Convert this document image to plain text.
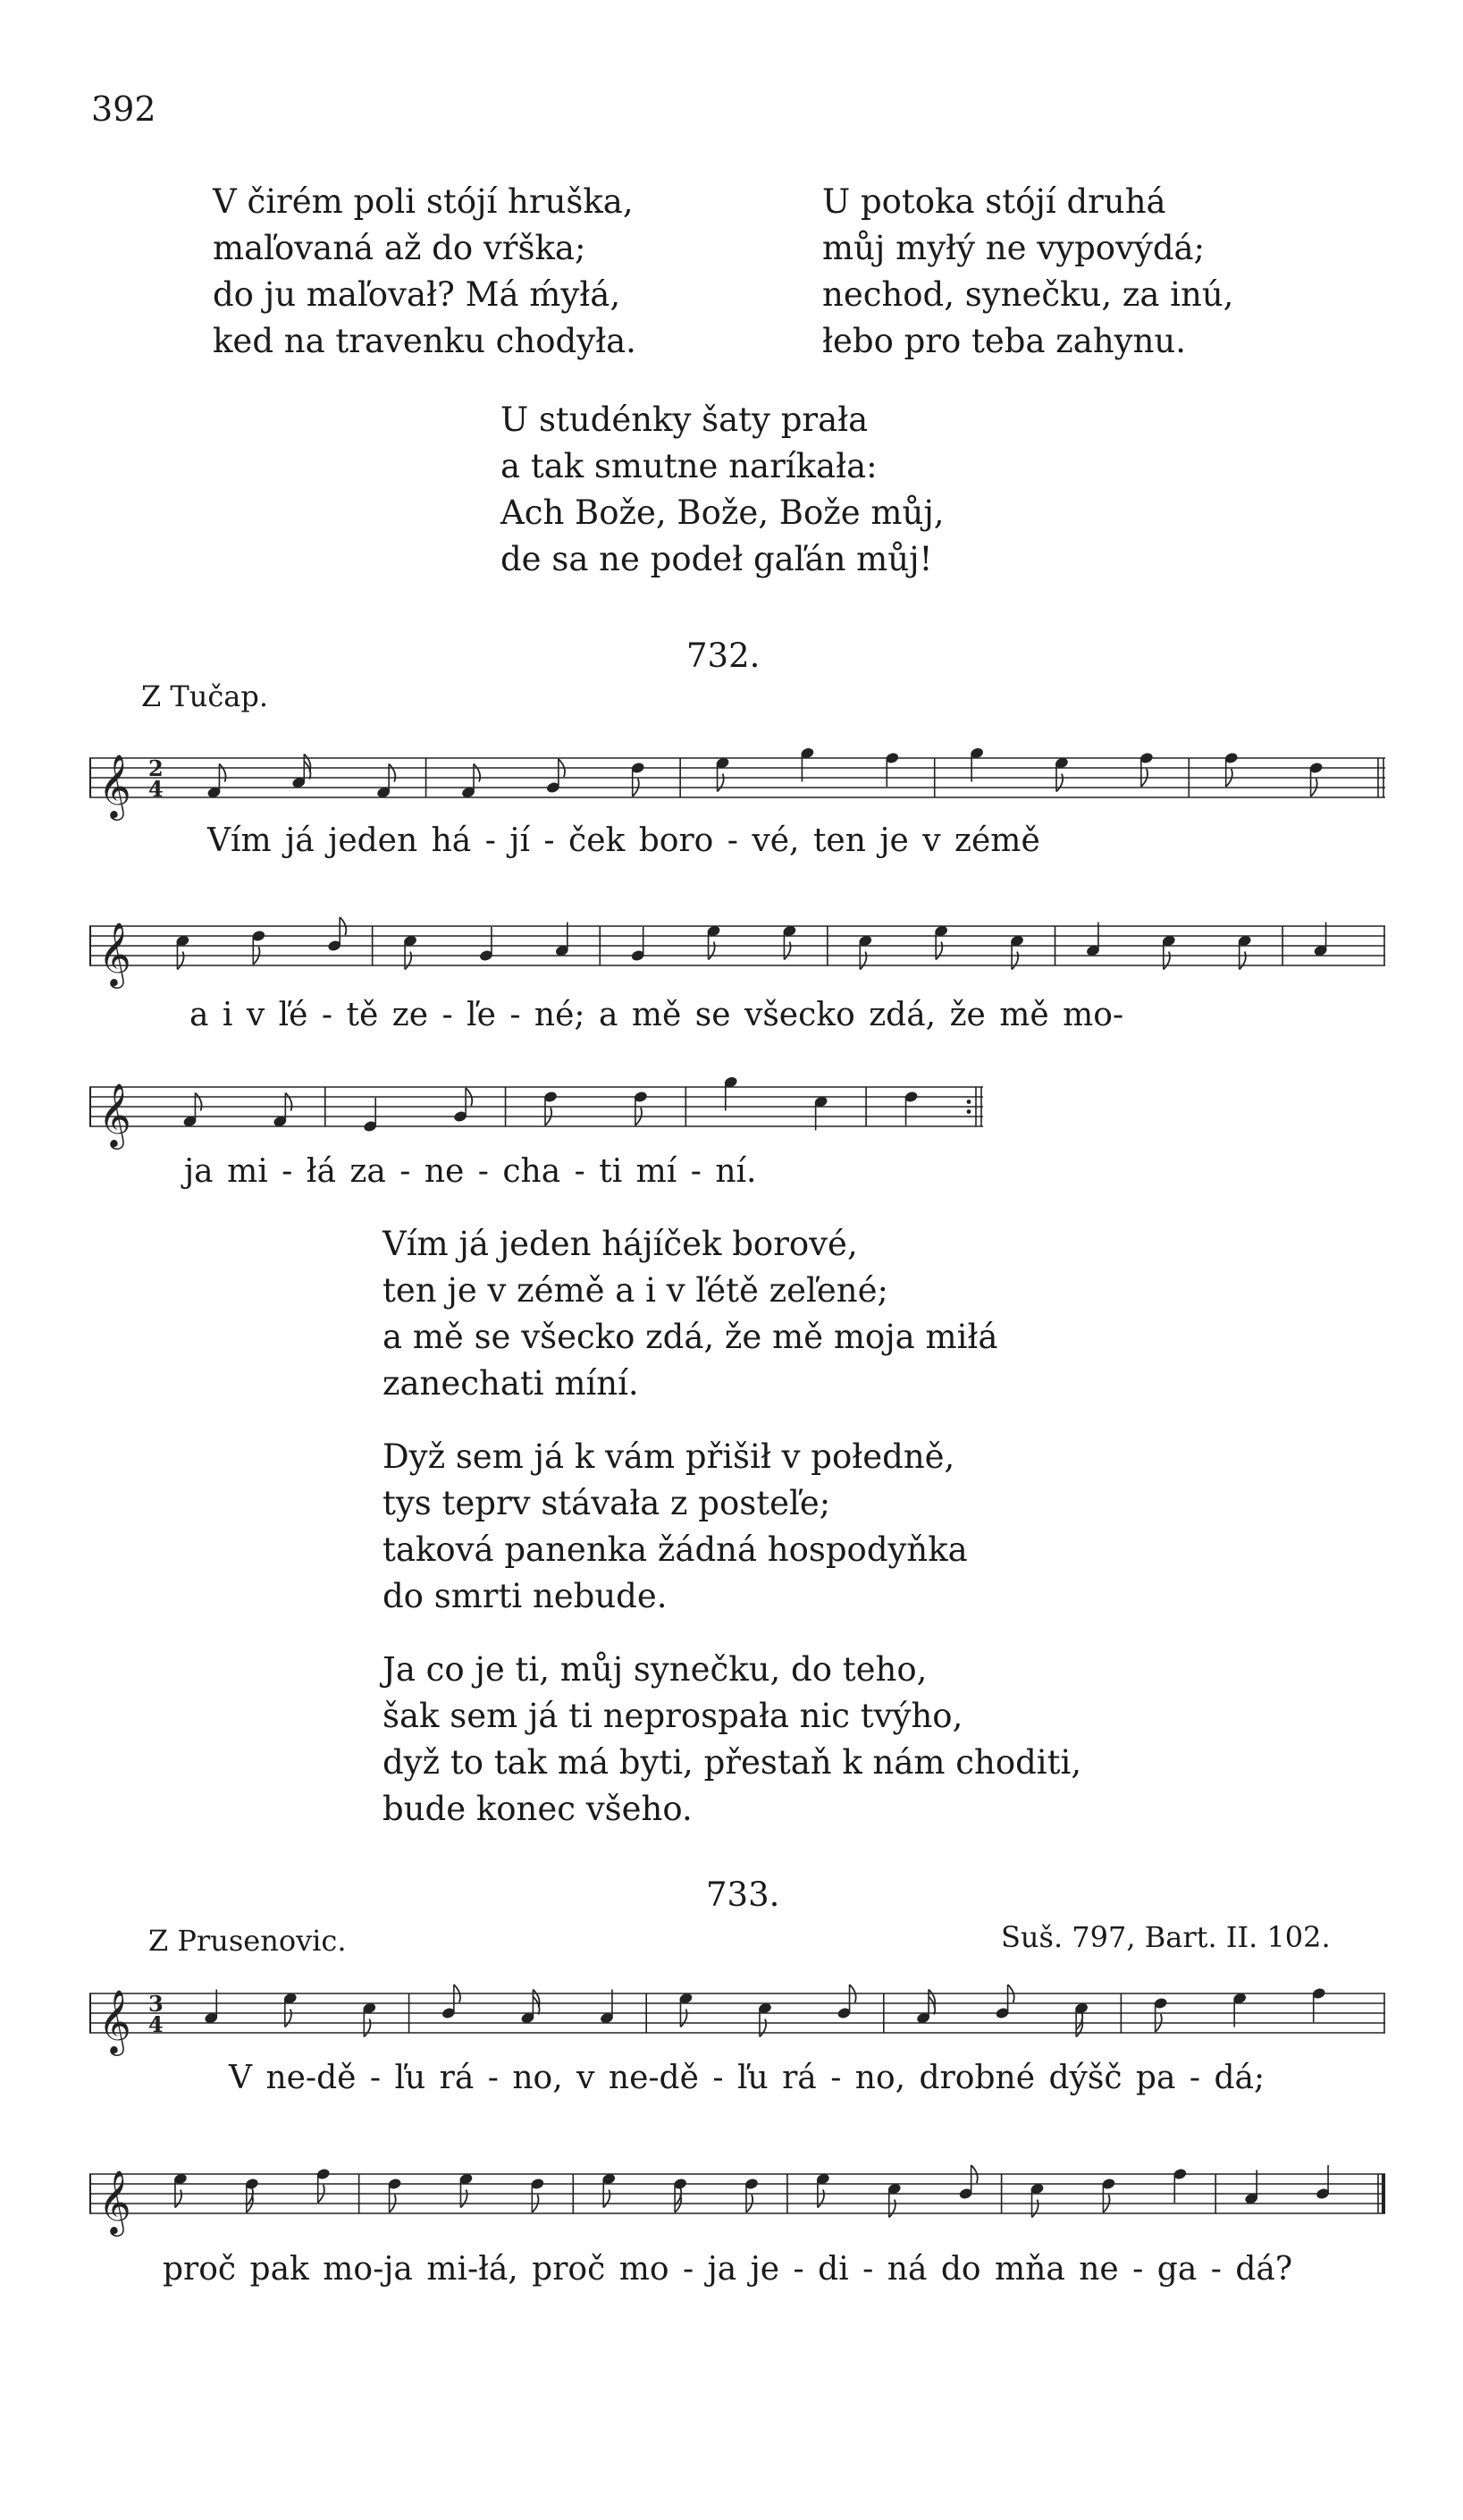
392
V čirém poli stójí hruška,
maľovaná až do vŕška;
do ju maľovał? Má ḿyłá,
ked na travenku chodyła.
U potoka stójí druhá
můj myłý ne vypovýdá;
nechod, synečku, za inú,
łebo pro teba zahynu.
U studénky šaty prała
a tak smutne naríkała:
Ach Bože, Bože, Bože můj,
de sa ne podeł gaľán můj!
732.
Z Tučap.
𝄞 2
4
Vím já jeden há - jí - ček boro - vé, ten je v zémě
𝄞
a i v ľé - tě ze - ľe - né; a mě se všecko zdá, že mě mo-
𝄞
ja mi - łá za - ne - cha - ti mí - ní.
Vím já jeden hájíček borové,
ten je v zémě a i v ľétě zeľené;
a mě se všecko zdá, že mě moja miłá
zanechati míní.
Dyž sem já k vám přišił v połedně,
tys teprv stávała z posteľe;
taková panenka žádná hospodyňka
do smrti nebude.
Ja co je ti, můj synečku, do teho,
šak sem já ti neprospała nic tvýho,
dyž to tak má byti, přestaň k nám choditi,
bude konec všeho.
733.
Z Prusenovic.	Suš. 797, Bart. II. 102.
𝄞 3
4
V ne-dě - ľu rá - no, v ne-dě - ľu rá - no, drobné dýšč pa - dá;
𝄞
proč pak mo-ja mi-łá, proč mo - ja je - di - ná do mňa ne - ga - dá?
